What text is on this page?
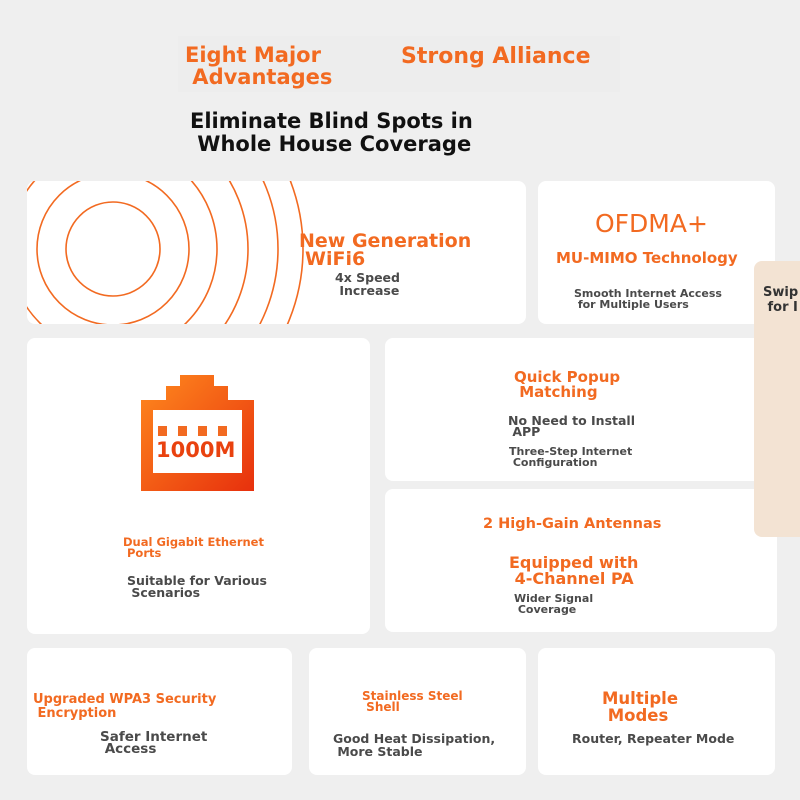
Eight Major
Advantages
Strong Alliance
Eliminate Blind Spots in
Whole House Coverage
New Generation
WiFi6
4x Speed
Increase
OFDMA+
MU-MIMO Technology
Smooth Internet Access
for Multiple Users
1000M
Dual Gigabit Ethernet
Ports
Suitable for Various
Scenarios
Quick Popup
Matching
No Need to Install
APP
Three-Step Internet
Configuration
2 High-Gain Antennas
Equipped with
4-Channel PA
Wider Signal
Coverage
Swip
for I
Upgraded WPA3 Security
Encryption
Safer Internet
Access
Stainless Steel
Shell
Good Heat Dissipation,
More Stable
Multiple
Modes
Router, Repeater Mode
